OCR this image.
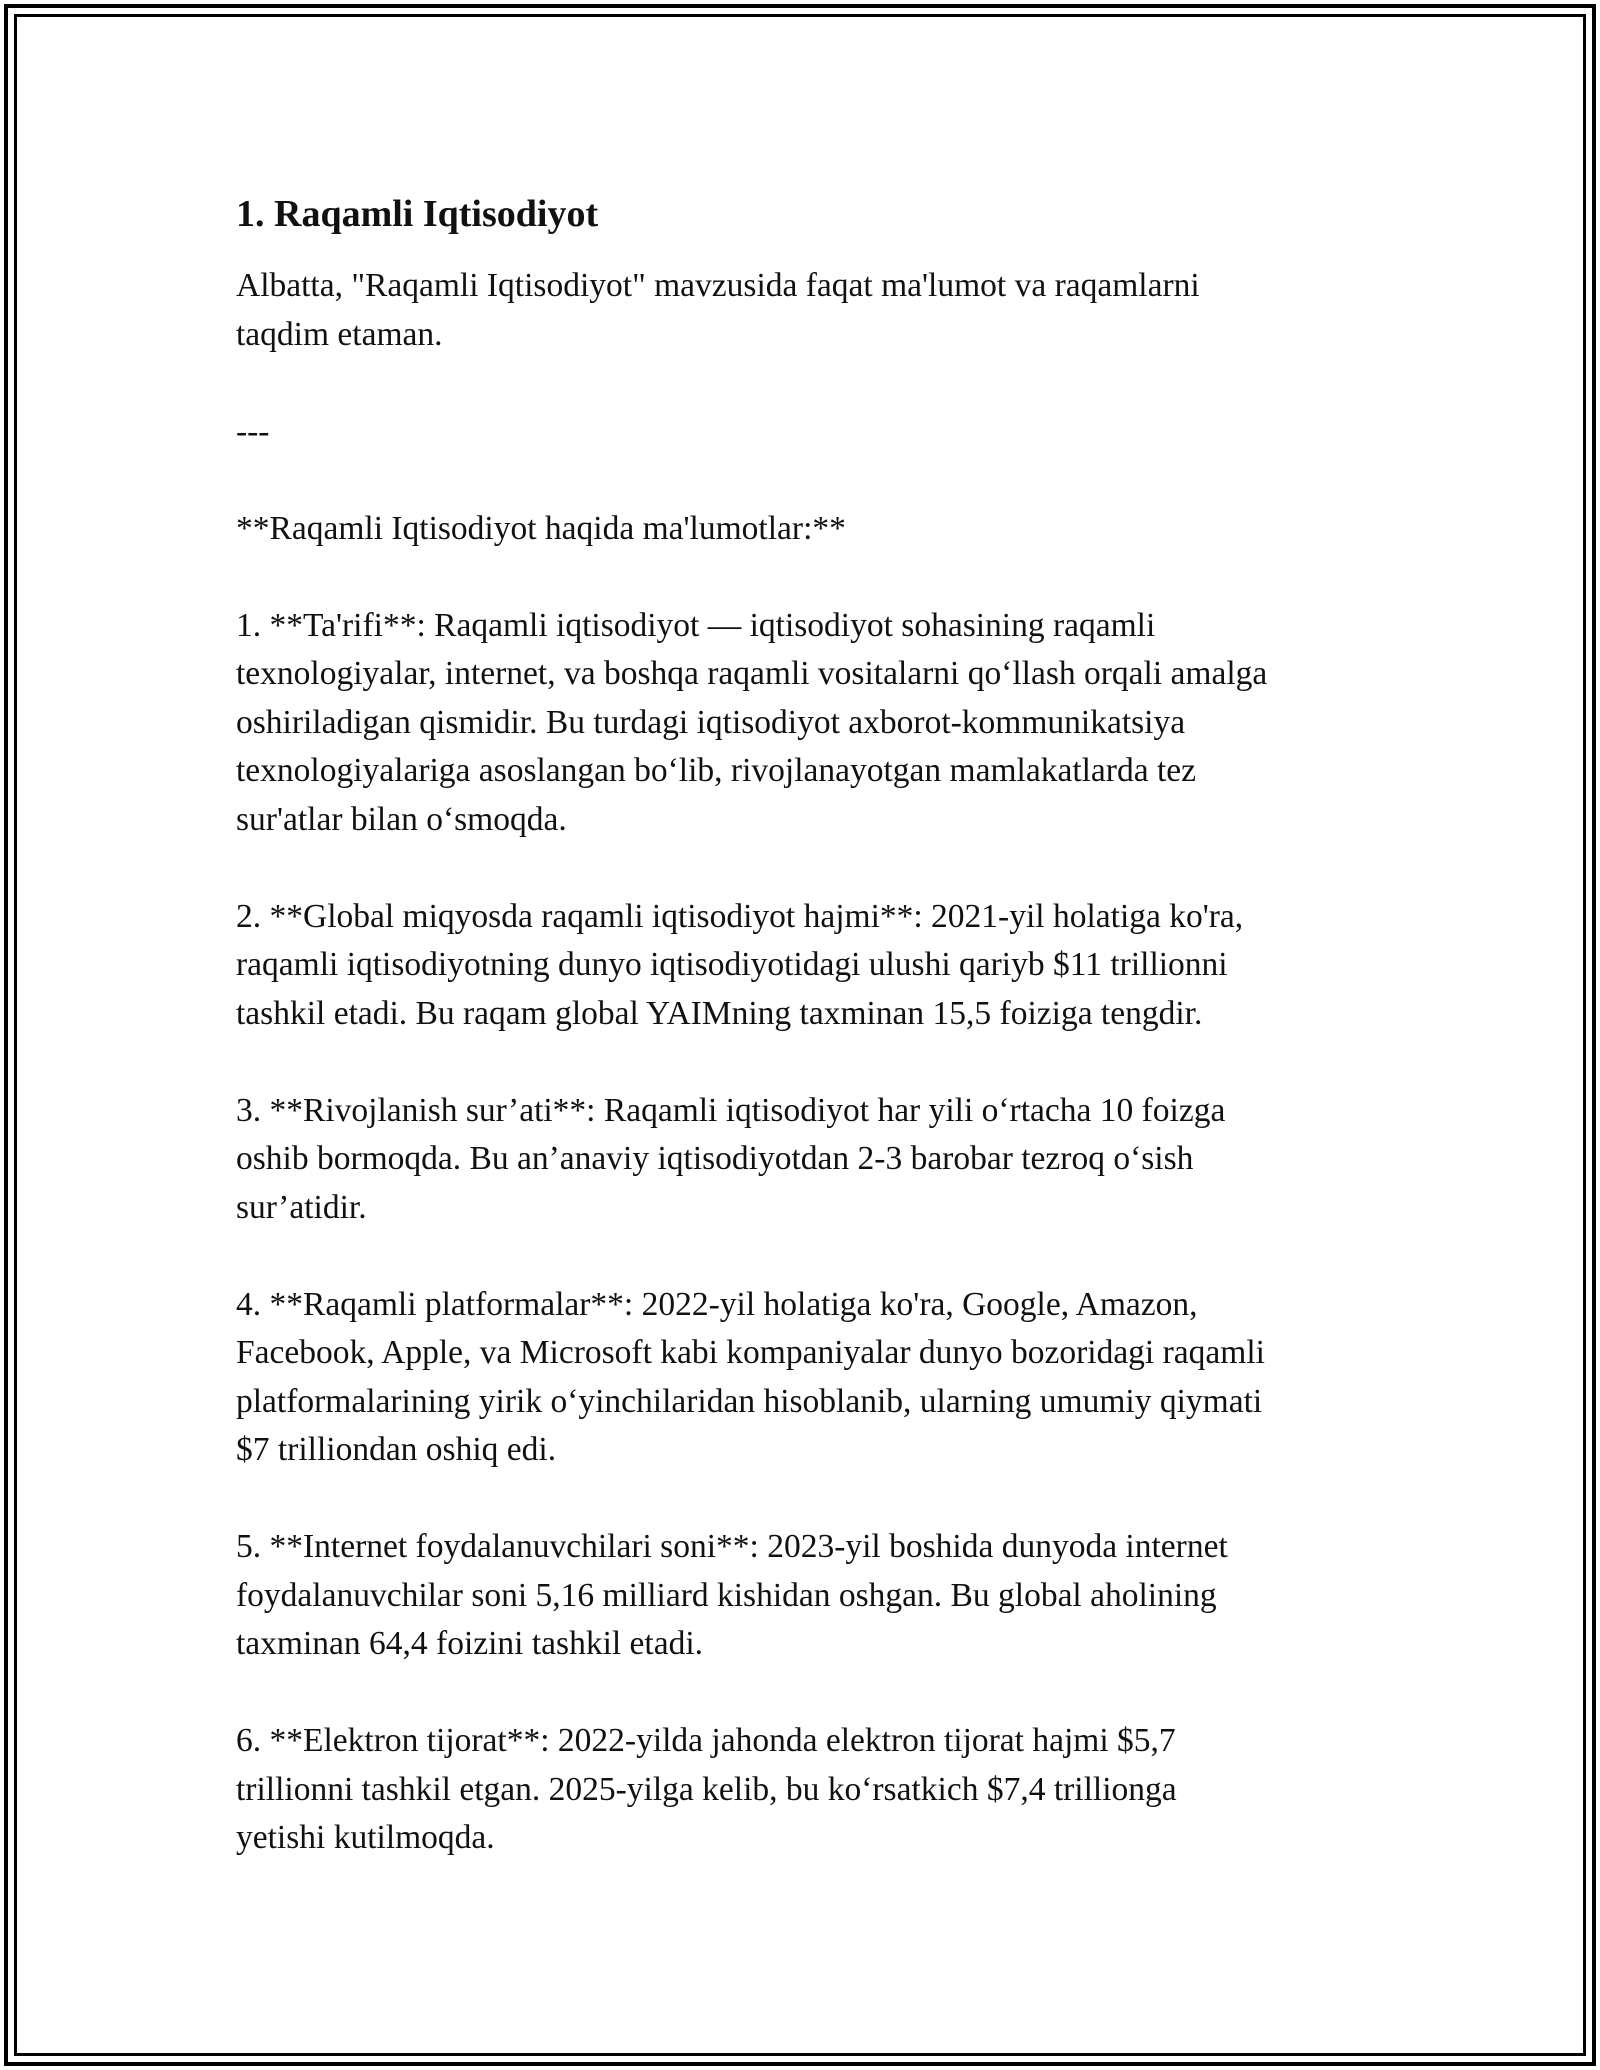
1. Raqamli Iqtisodiyot

Albatta, "Raqamli Iqtisodiyot" mavzusida faqat ma'lumot va raqamlarni
taqdim etaman.

---

**Raqamli Iqtisodiyot haqida ma'lumotlar:**

1. **Ta'rifi**: Raqamli iqtisodiyot — iqtisodiyot sohasining raqamli
texnologiyalar, internet, va boshqa raqamli vositalarni qo‘llash orqali amalga
oshiriladigan qismidir. Bu turdagi iqtisodiyot axborot-kommunikatsiya
texnologiyalariga asoslangan bo‘lib, rivojlanayotgan mamlakatlarda tez
sur'atlar bilan o‘smoqda.

2. **Global miqyosda raqamli iqtisodiyot hajmi**: 2021-yil holatiga ko'ra,
raqamli iqtisodiyotning dunyo iqtisodiyotidagi ulushi qariyb $11 trillionni
tashkil etadi. Bu raqam global YAIMning taxminan 15,5 foiziga tengdir.

3. **Rivojlanish sur’ati**: Raqamli iqtisodiyot har yili o‘rtacha 10 foizga
oshib bormoqda. Bu an’anaviy iqtisodiyotdan 2-3 barobar tezroq o‘sish
sur’atidir.

4. **Raqamli platformalar**: 2022-yil holatiga ko'ra, Google, Amazon,
Facebook, Apple, va Microsoft kabi kompaniyalar dunyo bozoridagi raqamli
platformalarining yirik o‘yinchilaridan hisoblanib, ularning umumiy qiymati
$7 trilliondan oshiq edi.

5. **Internet foydalanuvchilari soni**: 2023-yil boshida dunyoda internet
foydalanuvchilar soni 5,16 milliard kishidan oshgan. Bu global aholining
taxminan 64,4 foizini tashkil etadi.

6. **Elektron tijorat**: 2022-yilda jahonda elektron tijorat hajmi $5,7
trillionni tashkil etgan. 2025-yilga kelib, bu ko‘rsatkich $7,4 trillionga
yetishi kutilmoqda.
